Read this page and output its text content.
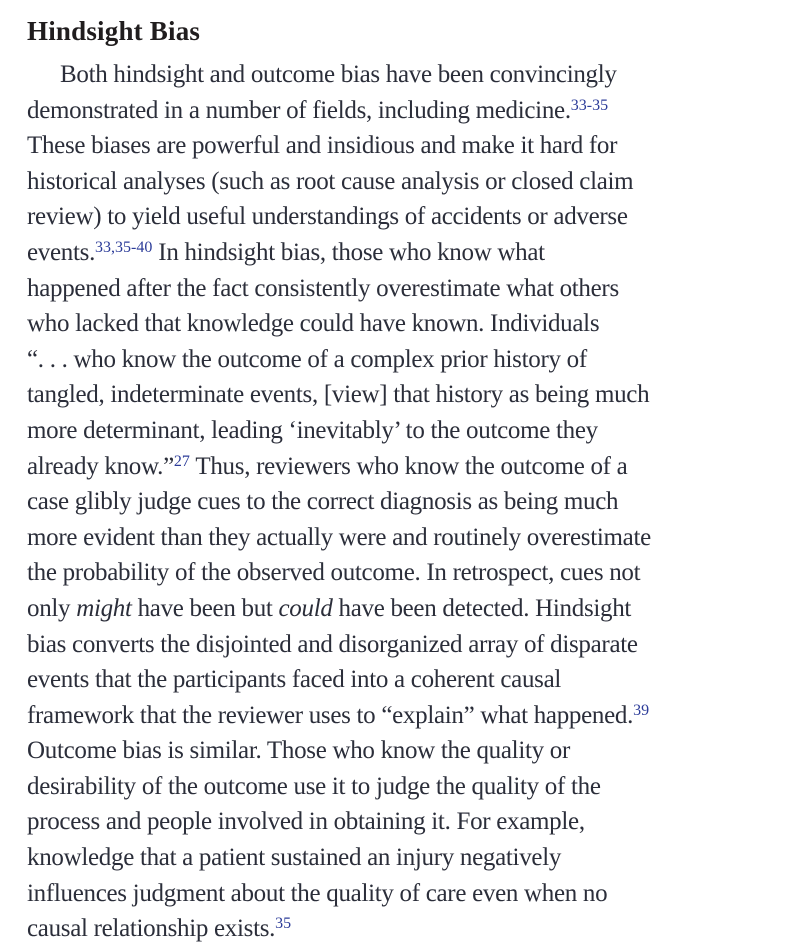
Hindsight Bias
Both hindsight and outcome bias have been convincingly
demonstrated in a number of fields, including medicine.$^{33-35}$
These biases are powerful and insidious and make it hard for
historical analyses (such as root cause analysis or closed claim
review) to yield useful understandings of accidents or adverse
events.$^{33,35-40}$ In hindsight bias, those who know what
happened after the fact consistently overestimate what others
who lacked that knowledge could have known. Individuals
“. . . who know the outcome of a complex prior history of
tangled, indeterminate events, [view] that history as being much
more determinant, leading ‘inevitably’ to the outcome they
already know.”$^{27}$ Thus, reviewers who know the outcome of a
case glibly judge cues to the correct diagnosis as being much
more evident than they actually were and routinely overestimate
the probability of the observed outcome. In retrospect, cues not
only might have been but could have been detected. Hindsight
bias converts the disjointed and disorganized array of disparate
events that the participants faced into a coherent causal
framework that the reviewer uses to “explain” what happened.$^{39}$
Outcome bias is similar. Those who know the quality or
desirability of the outcome use it to judge the quality of the
process and people involved in obtaining it. For example,
knowledge that a patient sustained an injury negatively
influences judgment about the quality of care even when no
causal relationship exists.$^{35}$
